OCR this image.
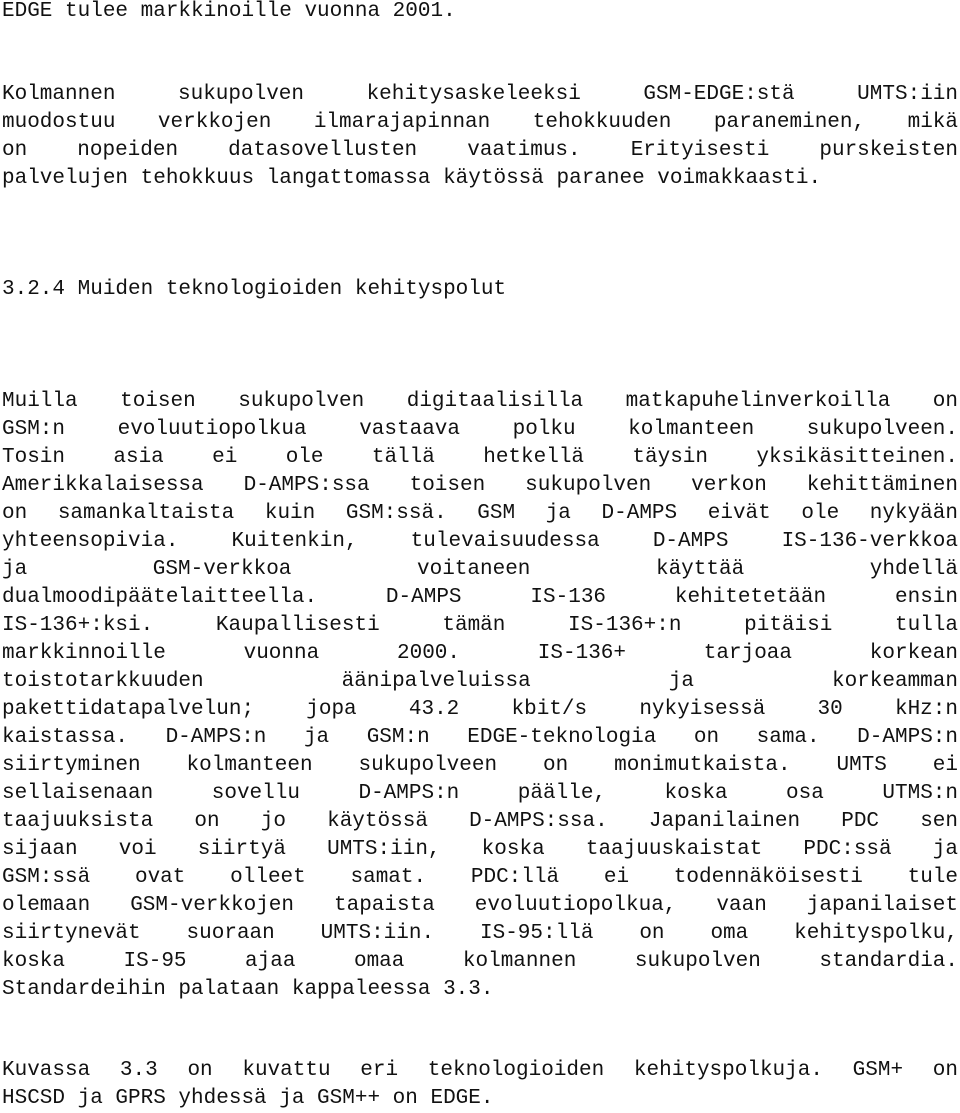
EDGE tulee markkinoille vuonna 2001.
Kolmannen sukupolven kehitysaskeleeksi GSM-EDGE:stä UMTS:iin
muodostuu verkkojen ilmarajapinnan tehokkuuden paraneminen, mikä
on nopeiden datasovellusten vaatimus. Erityisesti purskeisten
palvelujen tehokkuus langattomassa käytössä paranee voimakkaasti.
3.2.4 Muiden teknologioiden kehityspolut
Muilla toisen sukupolven digitaalisilla matkapuhelinverkoilla on
GSM:n evoluutiopolkua vastaava polku kolmanteen sukupolveen.
Tosin asia ei ole tällä hetkellä täysin yksikäsitteinen.
Amerikkalaisessa D-AMPS:ssa toisen sukupolven verkon kehittäminen
on samankaltaista kuin GSM:ssä. GSM ja D-AMPS eivät ole nykyään
yhteensopivia. Kuitenkin, tulevaisuudessa D-AMPS IS-136-verkkoa
ja GSM-verkkoa voitaneen käyttää yhdellä
dualmoodipäätelaitteella. D-AMPS IS-136 kehitetetään ensin
IS-136+:ksi. Kaupallisesti tämän IS-136+:n pitäisi tulla
markkinnoille vuonna 2000. IS-136+ tarjoaa korkean
toistotarkkuuden äänipalveluissa ja korkeamman
pakettidatapalvelun; jopa 43.2 kbit/s nykyisessä 30 kHz:n
kaistassa. D-AMPS:n ja GSM:n EDGE-teknologia on sama. D-AMPS:n
siirtyminen kolmanteen sukupolveen on monimutkaista. UMTS ei
sellaisenaan sovellu D-AMPS:n päälle, koska osa UTMS:n
taajuuksista on jo käytössä D-AMPS:ssa. Japanilainen PDC sen
sijaan voi siirtyä UMTS:iin, koska taajuuskaistat PDC:ssä ja
GSM:ssä ovat olleet samat. PDC:llä ei todennäköisesti tule
olemaan GSM-verkkojen tapaista evoluutiopolkua, vaan japanilaiset
siirtynevät suoraan UMTS:iin. IS-95:llä on oma kehityspolku,
koska IS-95 ajaa omaa kolmannen sukupolven standardia.
Standardeihin palataan kappaleessa 3.3.
Kuvassa 3.3 on kuvattu eri teknologioiden kehityspolkuja. GSM+ on
HSCSD ja GPRS yhdessä ja GSM++ on EDGE.
